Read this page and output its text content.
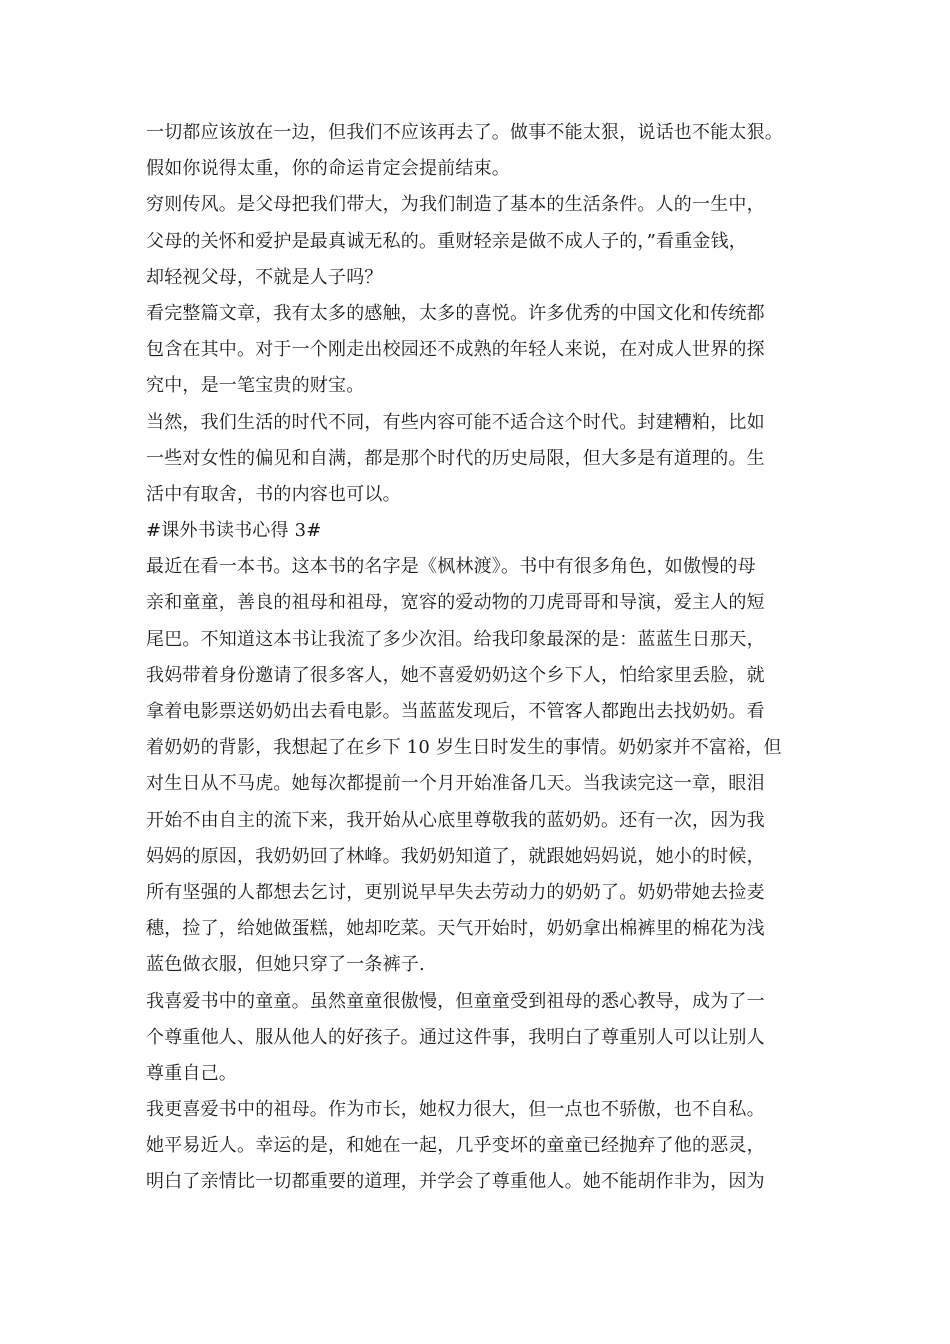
一切都应该放在一边，但我们不应该再去了。做事不能太狠，说话也不能太狠。
假如你说得太重，你的命运肯定会提前结束。
穷则传风。是父母把我们带大，为我们制造了基本的生活条件。人的一生中，
父母的关怀和爱护是最真诚无私的。重财轻亲是做不成人子的，”看重金钱，
却轻视父母，不就是人子吗？
看完整篇文章，我有太多的感触，太多的喜悦。许多优秀的中国文化和传统都
包含在其中。对于一个刚走出校园还不成熟的年轻人来说，在对成人世界的探
究中，是一笔宝贵的财宝。
当然，我们生活的时代不同，有些内容可能不适合这个时代。封建糟粕，比如
一些对女性的偏见和自满，都是那个时代的历史局限，但大多是有道理的。生
活中有取舍，书的内容也可以。
#课外书读书心得 3#
最近在看一本书。这本书的名字是《枫林渡》。书中有很多角色，如傲慢的母
亲和童童，善良的祖母和祖母，宽容的爱动物的刀虎哥哥和导演，爱主人的短
尾巴。不知道这本书让我流了多少次泪。给我印象最深的是：蓝蓝生日那天，
我妈带着身份邀请了很多客人，她不喜爱奶奶这个乡下人，怕给家里丢脸，就
拿着电影票送奶奶出去看电影。当蓝蓝发现后，不管客人都跑出去找奶奶。看
着奶奶的背影，我想起了在乡下 10 岁生日时发生的事情。奶奶家并不富裕，但
对生日从不马虎。她每次都提前一个月开始准备几天。当我读完这一章，眼泪
开始不由自主的流下来，我开始从心底里尊敬我的蓝奶奶。还有一次，因为我
妈妈的原因，我奶奶回了林峰。我奶奶知道了，就跟她妈妈说，她小的时候，
所有坚强的人都想去乞讨，更别说早早失去劳动力的奶奶了。奶奶带她去捡麦
穗，捡了，给她做蛋糕，她却吃菜。天气开始时，奶奶拿出棉裤里的棉花为浅
蓝色做衣服，但她只穿了一条裤子.
我喜爱书中的童童。虽然童童很傲慢，但童童受到祖母的悉心教导，成为了一
个尊重他人、服从他人的好孩子。通过这件事，我明白了尊重别人可以让别人
尊重自己。
我更喜爱书中的祖母。作为市长，她权力很大，但一点也不骄傲，也不自私。
她平易近人。幸运的是，和她在一起，几乎变坏的童童已经抛弃了他的恶灵，
明白了亲情比一切都重要的道理，并学会了尊重他人。她不能胡作非为，因为
